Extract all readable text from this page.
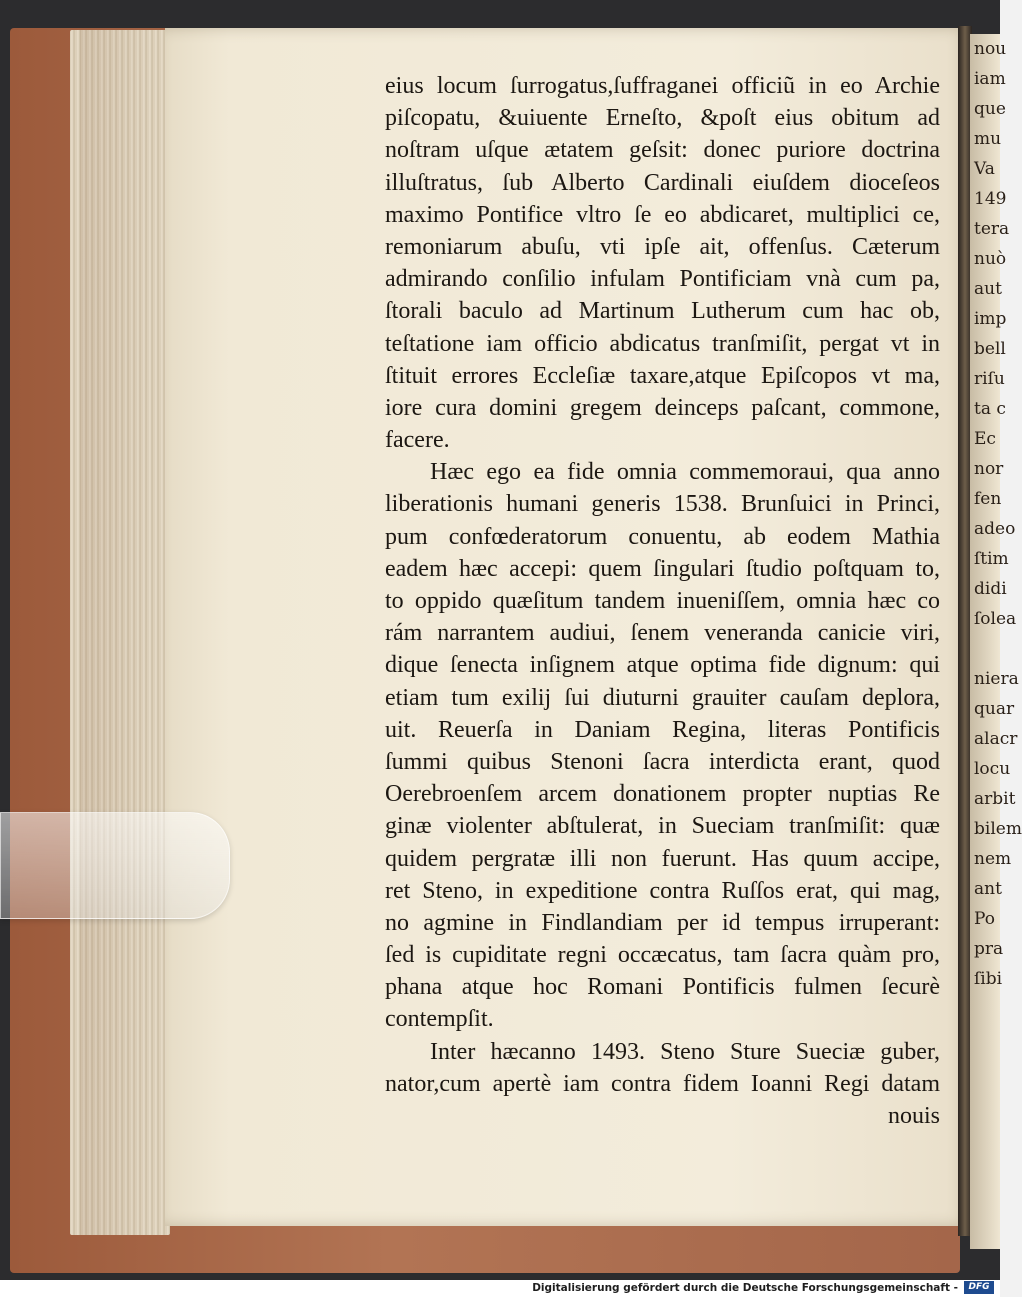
nou
iam
que
mu
Va
149
tera
nuò
aut
imp
bell
riſu
ta c
Ec
nor
fen
adeo
ſtim
didi
ſolea
niera
quar
alacr
locu
arbit
bilem
nem
ant
Po
pra
ſibi
eius locum ſurrogatus,ſuffraganei officiũ in eo Archie
piſcopatu, &uiuente Erneſto, &poſt eius obitum ad
noſtram uſque ætatem geſsit: donec puriore doctrina
illuſtratus, ſub Alberto Cardinali eiuſdem dioceſeos
maximo Pontifice vltro ſe eo abdicaret, multiplici ce,
remoniarum abuſu, vti ipſe ait, offenſus. Cæterum
admirando conſilio infulam Pontificiam vnà cum pa,
ſtorali baculo ad Martinum Lutherum cum hac ob,
teſtatione iam officio abdicatus tranſmiſit, pergat vt in
ſtituit errores Eccleſiæ taxare,atque Epiſcopos vt ma,
iore cura domini gregem deinceps paſcant, commone,
facere.
Hæc ego ea fide omnia commemoraui, qua anno
liberationis humani generis 1538. Brunſuici in Princi,
pum confœderatorum conuentu, ab eodem Mathia
eadem hæc accepi: quem ſingulari ſtudio poſtquam to,
to oppido quæſitum tandem inueniſſem, omnia hæc co
rám narrantem audiui, ſenem veneranda canicie viri,
dique ſenecta inſignem atque optima fide dignum: qui
etiam tum exilij ſui diuturni grauiter cauſam deplora,
uit. Reuerſa in Daniam Regina, literas Pontificis
ſummi quibus Stenoni ſacra interdicta erant, quod
Oerebroenſem arcem donationem propter nuptias Re
ginæ violenter abſtulerat, in Sueciam tranſmiſit: quæ
quidem pergratæ illi non fuerunt. Has quum accipe,
ret Steno, in expeditione contra Ruſſos erat, qui mag,
no agmine in Findlandiam per id tempus irruperant:
ſed is cupiditate regni occæcatus, tam ſacra quàm pro,
phana atque hoc Romani Pontificis fulmen ſecurè
contempſit.
Inter hæcanno 1493. Steno Sture Sueciæ guber,
nator,cum apertè iam contra fidem Ioanni Regi datam
nouis
Digitalisierung gefördert durch die Deutsche Forschungsgemeinschaft -	DFG
